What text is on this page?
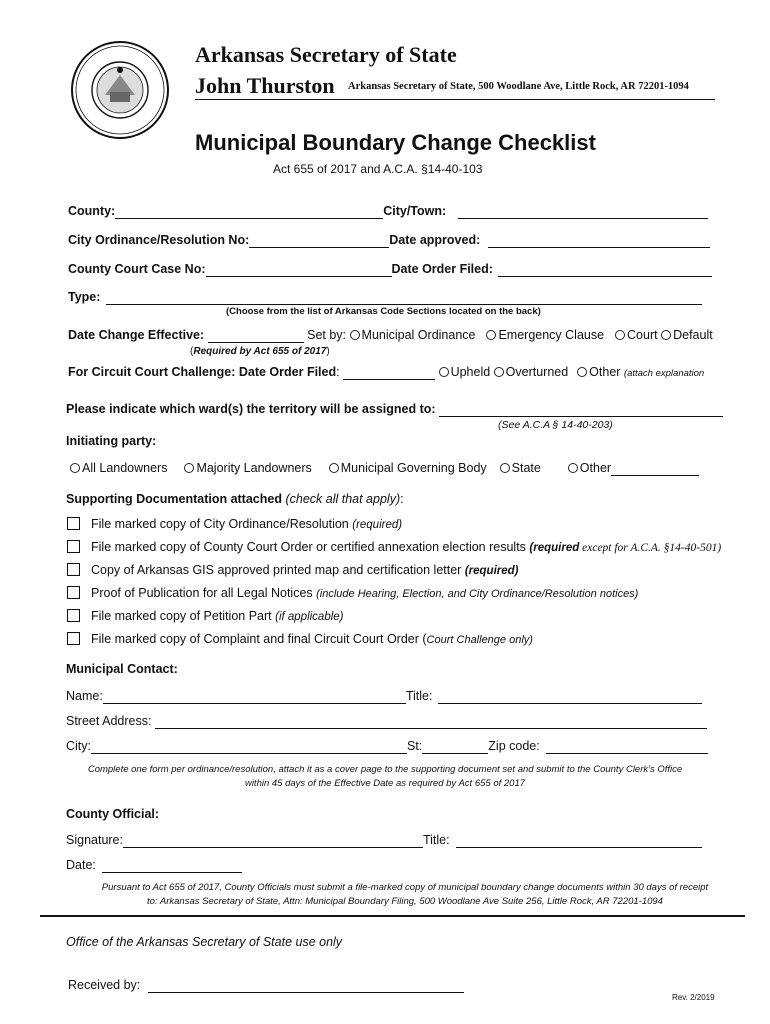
Arkansas Secretary of State
John Thurston Arkansas Secretary of State, 500 Woodlane Ave, Little Rock, AR 72201-1094
Municipal Boundary Change Checklist
Act 655 of 2017 and A.C.A. §14-40-103
County:	City/Town:
City Ordinance/Resolution No:	Date approved:
County Court Case No:	Date Order Filed:
Type:
(Choose from the list of Arkansas Code Sections located on the back)
Date Change Effective:	Set by: Municipal Ordinance Emergency Clause Court Default
(Required by Act 655 of 2017)
For Circuit Court Challenge: Date Order Filed:	Upheld Overturned Other (attach explanation
Please indicate which ward(s) the territory will be assigned to:
(See A.C.A § 14-40-203)
Initiating party:
All Landowners Majority Landowners Municipal Governing Body State	Other
Supporting Documentation attached (check all that apply):
File marked copy of City Ordinance/Resolution (required)
File marked copy of County Court Order or certified annexation election results (required except for A.C.A. §14-40-501)
Copy of Arkansas GIS approved printed map and certification letter (required)
Proof of Publication for all Legal Notices (include Hearing, Election, and City Ordinance/Resolution notices)
File marked copy of Petition Part (if applicable)
File marked copy of Complaint and final Circuit Court Order (Court Challenge only)
Municipal Contact:
Name:	Title:
Street Address:
City:	St:	Zip code:
Complete one form per ordinance/resolution, attach it as a cover page to the supporting document set and submit to the County Clerk's Office
within 45 days of the Effective Date as required by Act 655 of 2017
County Official:
Signature:	Title:
Date:
Pursuant to Act 655 of 2017, County Officials must submit a file-marked copy of municipal boundary change documents within 30 days of receipt
to: Arkansas Secretary of State, Attn: Municipal Boundary Filing, 500 Woodlane Ave Suite 256, Little Rock, AR 72201-1094
Office of the Arkansas Secretary of State use only
Received by:
Rev. 2/2019
